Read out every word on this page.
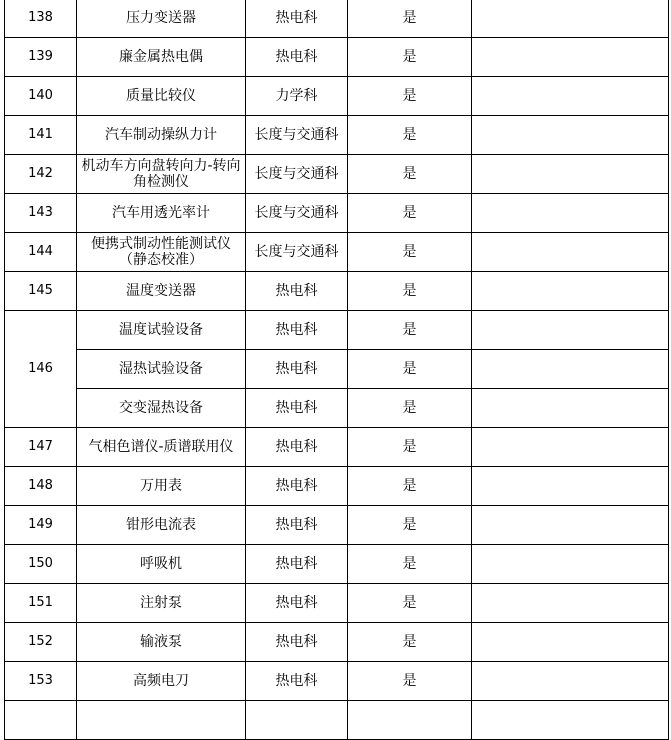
138	压力变送器	热电科	是	
139	廉金属热电偶	热电科	是	
140	质量比较仪	力学科	是	
141	汽车制动操纵力计	长度与交通科	是	
142	机动车方向盘转向力-转向角检测仪	长度与交通科	是	
143	汽车用透光率计	长度与交通科	是	
144	便携式制动性能测试仪（静态校准）	长度与交通科	是	
145	温度变送器	热电科	是	
146	温度试验设备	热电科	是	
	湿热试验设备	热电科	是	
	交变湿热设备	热电科	是	
147	气相色谱仪-质谱联用仪	热电科	是	
148	万用表	热电科	是	
149	钳形电流表	热电科	是	
150	呼吸机	热电科	是	
151	注射泵	热电科	是	
152	输液泵	热电科	是	
153	高频电刀	热电科	是	
